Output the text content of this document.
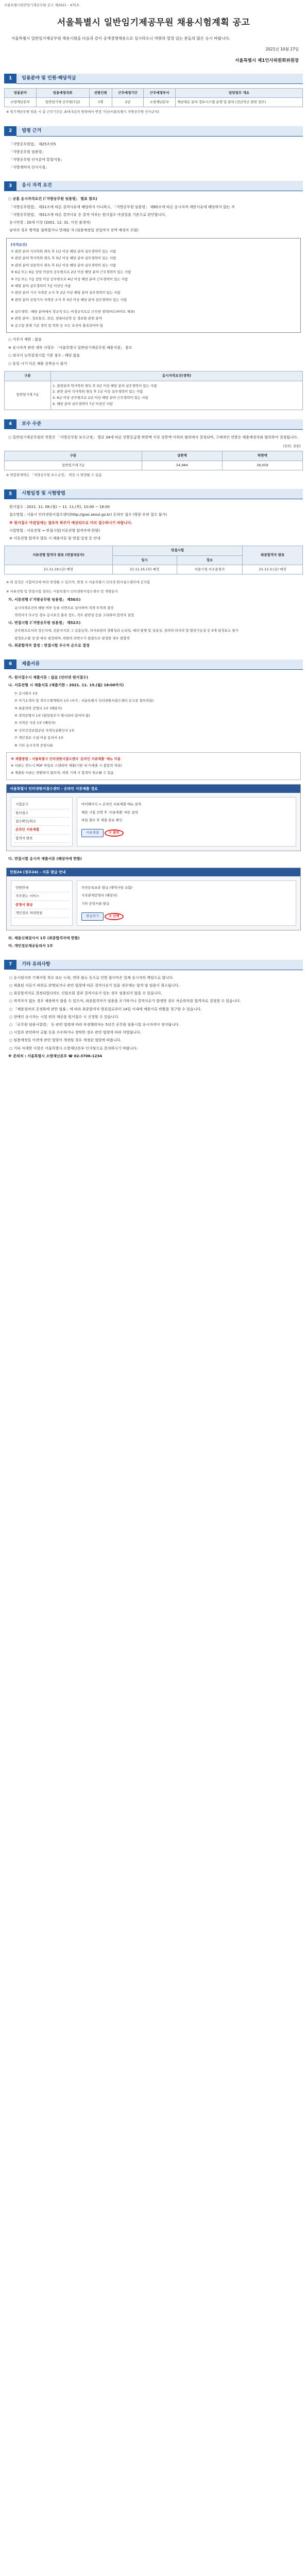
서울특별시일반임기제공무원 공고 제2021 - 475호
서울특별시 일반임기제공무원 채용시험계획 공고

서울특별시 일반임기제공무원 채용시험을 다음과 같이 공개경쟁채용으로 실시하오니 역량과 열정 있는 분들의 많은 응시 바랍니다.

2021년 10월 27일
서울특별시 제1인사위원회위원장
1	임용분야 및 인원·해당직급
임용분야	임용예정직위	선발인원	근무예정기간	근무예정부서	담당업무 개요
소방재난본부	일반임기제 공무원(7급)	1명	2년	소방재난본부	재난대응 분야 정보시스템 운영 및 관리 (전산직군 관련 업무)

※ 임기제공무원 임용 시 총 근무기간은 최대 5년의 범위에서 연장 가능(서울특별시 지방공무원 인사규칙)

2	법령 근거
「지방공무원법」 제25조의5
「지방공무원 임용령」
「지방공무원 인사분야 통합지침」
「지방계약직 인사지침」
3	응시 자격 요건

○ 공통 응시자격요건 (「지방공무원 임용령」 별표 참조)

「지방공무원법」 제31조에 따른 결격사유에 해당하지 아니하고, 「지방공무원 임용령」 제65조에 따른 응시자격 제한사유에 해당하지 않는 자
「지방공무원법」 제31조에 따른 결격사유 등 결격 여부는 원서접수 마감일을 기준으로 판단합니다.
응시연령 : 20세 이상 (2001. 12. 31. 이전 출생자)
남자의 경우 병역을 필하였거나 면제된 자 (임용예정일 전일까지 전역 예정자 포함)

[자격요건]

① 관련 분야 석사학위 취득 후 1년 이상 해당 분야 실무경력이 있는 사람

② 관련 분야 학사학위 취득 후 3년 이상 해당 분야 실무경력이 있는 사람

③ 관련 분야 전문학사 취득 후 5년 이상 해당 분야 실무경력이 있는 사람

④ 6급 또는 6급 상당 이상의 공무원으로 2년 이상 해당 분야 근무경력이 있는 사람

⑤ 7급 또는 7급 상당 이상 공무원으로 4년 이상 해당 분야 근무경력이 있는 사람

⑥ 해당 분야 실무경력이 7년 이상인 사람

⑦ 관련 분야 기사 자격증 소지 후 2년 이상 해당 분야 실무경력이 있는 사람

⑧ 관련 분야 산업기사 자격증 소지 후 3년 이상 해당 분야 실무경력이 있는 사람

※ 실무경력 : 해당 분야에서 정규직 또는 비정규직으로 근무한 경력(아르바이트 제외)

※ 관련 분야 : 정보통신, 전산, 컴퓨터공학 등 정보화 관련 분야

※ 공고일 현재 기준 경력 및 학위 등 모든 요건이 충족되어야 함

○ 거주지 제한 : 없음

※ 응시자격 관련 세부 사항은 「서울특별시 일반임기제공무원 채용지침」 참조

○ 외국어 능력검정시험 기준 점수 : 해당 없음

○ 동일 시기 다른 채용 중복응시 불가

구분	응시자격요건(경력)
일반임기제 7급	1. 관련분야 학사학위 취득 후 3년 이상 해당 분야 실무경력이 있는 사람
2. 관련 분야 석사학위 취득 후 1년 이상 실무경력이 있는 사람
3. 6급 이상 공무원으로 2년 이상 해당 분야 근무경력이 있는 사람
4. 해당 분야 실무경력이 7년 이상인 사람
4	보수 수준

○ 일반임기제공무원의 연봉은 「지방공무원 보수규정」 별표 34에 따른 연봉등급별 하한액 이상 상한액 이하의 범위에서 결정되며, 구체적인 연봉은 채용예정자와 협의하여 결정됩니다.

(단위: 천원)

구분	상한액	하한액
일반임기제 7급	54,984	39,059

※ 연봉한계액은 「지방공무원 보수규정」 개정 시 변경될 수 있음

5	시험일정 및 시험방법
원서접수 : 2021. 11. 08.(월) ~ 11. 11.(목), 10:00 ~ 18:00
접수방법 : 서울시 인터넷원서접수센터(http://gosi.seoul.go.kr) 온라인 접수 (방문·우편 접수 불가)
※ 원서접수 마감일에는 접속자 폭주가 예상되므로 미리 접수하시기 바랍니다.
시험방법 : 서류전형 → 면접시험(서류전형 합격자에 한함)
※ 서류전형 합격자 발표 시 제출서류 및 면접 일정 등 안내
서류전형 합격자 발표 (면접대상자)	면접시험		최종합격자 발표
	일시	장소	
21.11.19.(금) 예정	21.11.25.(목) 예정	서울시청 서소문청사	21.12.3.(금) 예정

※ 위 일정은 시험여건에 따라 변경될 수 있으며, 변경 시 서울특별시 인터넷 원서접수센터에 공지함

※ 서류전형 및 면접시험 결과는 서울특별시 인터넷원서접수센터 및 개별통지

가. 서류전형 (「지방공무원 임용령」 제50조)

응시자격요건의 해당 여부 등을 서면으로 심사하여 적격·부적격 결정
적격자가 다수인 경우 응시요건 충족 정도, 직무 관련성 등을 고려하여 합격자 결정

나. 면접시험 (「지방공무원 임용령」 제52조)

공무원으로서의 정신자세, 전문지식과 그 응용능력, 의사표현의 정확성과 논리성, 예의·품행 및 성실성, 창의력·의지력 및 발전가능성 등 5개 평정요소 평가
평정요소별 상·중·하로 평정하며, 위원의 과반수가 불량으로 평정한 경우 불합격

다. 최종합격자 결정 : 면접시험 우수자 순으로 결정

6	제출서류

가. 원서접수시 제출서류 : 없음 (인터넷 원서접수)

나. 서류전형 시 제출서류 (제출기한 : 2021. 11. 15.(월) 18:00까지)

① 응시원서 1부
② 자기소개서 및 직무수행계획서 1부 (서식 : 서울특별시 인터넷원서접수센터 공고문 첨부파일)
③ 최종학력 증명서 1부 (해당자)
④ 경력증명서 1부 (담당업무가 명시되어 있어야 함)
⑤ 자격증 사본 1부 (해당자)
⑥ 국민건강보험공단 자격득실확인서 1부
⑦ 개인정보 수집·이용 동의서 1부
⑧ 기타 응시자격 증빙서류

※ 제출방법 : 서울특별시 인터넷원서접수센터 '온라인 서류제출' 메뉴 이용

※ 서류는 반드시 PDF 파일로 스캔하여 제출(기한 내 미제출 시 불합격 처리)

※ 제출된 서류는 반환하지 않으며, 허위 기재 시 합격이 취소될 수 있음

서울특별시 인터넷원서접수센터 - 온라인 서류제출 경로
시험공고
원서접수
접수확인/취소
온라인 서류제출
합격자 발표
마이페이지 > 온라인 서류제출 메뉴 클릭
해당 시험 선택 후 '서류제출' 버튼 클릭
파일 첨부 후 제출 완료 확인
서류제출	① 클릭

다. 면접시험 응시자 제출서류 (해당자에 한함)

민원24 (정부24) - 서류 발급 안내
민원안내
자주찾는 서비스
증명서 발급
개인정보 처리방침
주민등록초본 발급 (병역사항 포함)
가족관계증명서 (해당자)
기타 증빙서류 발급
발급하기	② 선택

라. 채용신체검사서 1부 (최종합격자에 한함)

마. 개인정보제공동의서 1부

7	기타 유의사항
○ 응시원서의 기재사항 착오 또는 누락, 연락 불능 등으로 인한 불이익은 일체 응시자의 책임으로 합니다.
○ 제출된 서류가 허위로 판명되거나 관련 법령에 따른 결격사유가 있을 경우에는 합격 및 임용이 취소됩니다.
○ 최종합격자로 결정되었더라도 신원조회 결과 결격사유가 있는 경우 임용되지 않을 수 있습니다.
○ 적격자가 없는 경우 채용하지 않을 수 있으며, 최종합격자가 임용을 포기하거나 결격사유가 발생한 경우 차순위자를 합격자로 결정할 수 있습니다.
○ 「채용절차의 공정화에 관한 법률」에 따라 최종합격자 발표일로부터 14일 이내에 채용서류 반환을 청구할 수 있습니다.
○ 장애인 응시자는 시험 편의 제공을 원서접수 시 신청할 수 있습니다.
○ 「공무원 임용시험령」 등 관련 법령에 따라 부정행위자는 5년간 공무원 임용시험 응시자격이 정지됩니다.
○ 시험과 관련하여 금품 등을 수수하거나 청탁한 경우 관련 법령에 따라 처벌됩니다.
○ 임용예정일 이전에 관련 법령이 개정될 경우 개정된 법령에 따릅니다.
○ 기타 자세한 사항은 서울특별시 소방재난본부 인사팀으로 문의하시기 바랍니다.

※ 문의처 : 서울특별시 소방재난본부 ☎ 02-3706-1234
